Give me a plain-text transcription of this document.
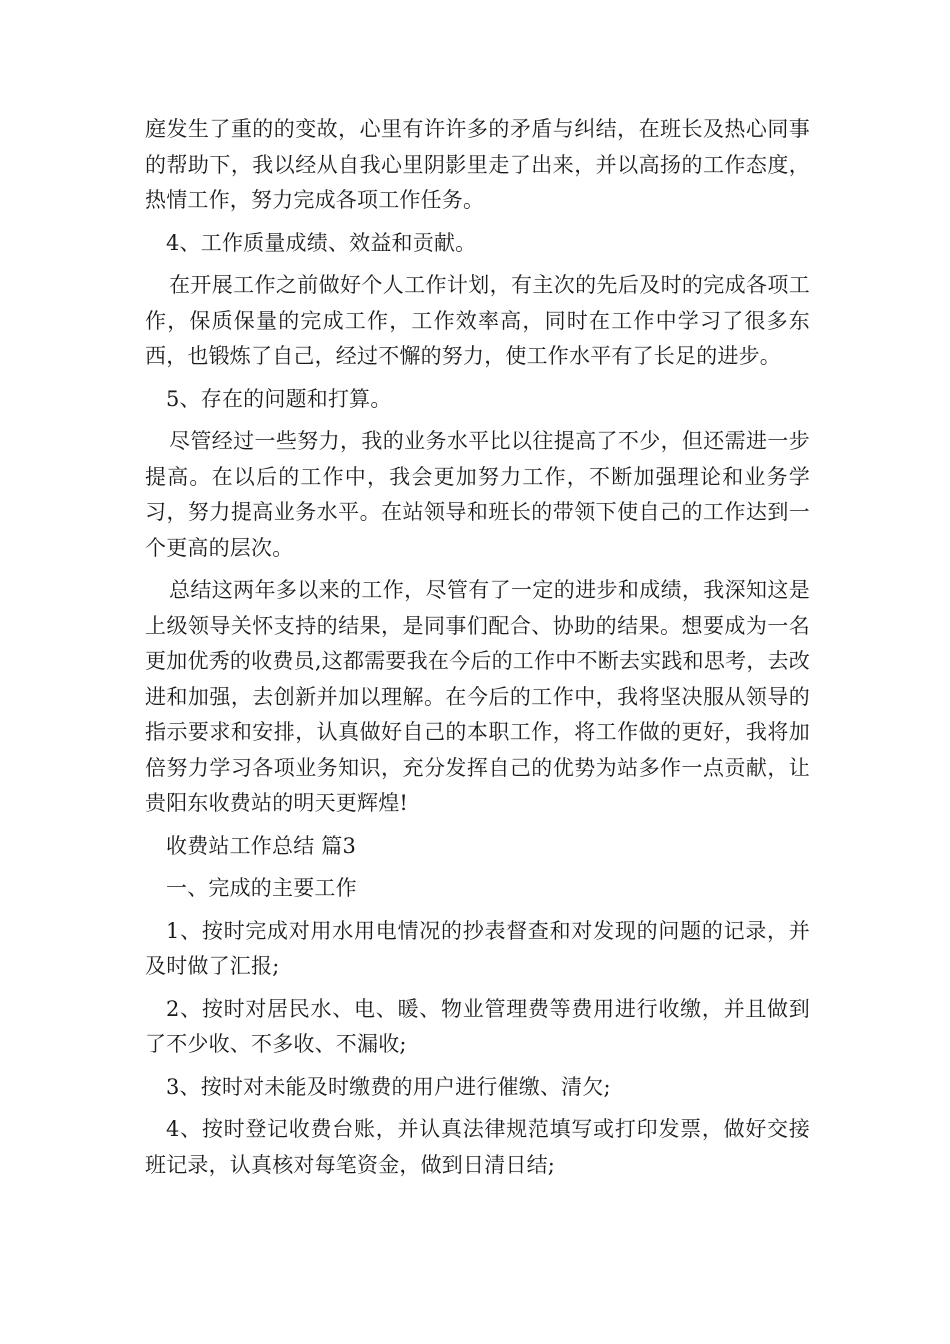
庭发生了重的的变故，心里有许许多的矛盾与纠结，在班长及热心同事的帮助下，我以经从自我心里阴影里走了出来，并以高扬的工作态度，热情工作，努力完成各项工作任务。

4、工作质量成绩、效益和贡献。

在开展工作之前做好个人工作计划，有主次的先后及时的完成各项工作，保质保量的完成工作，工作效率高，同时在工作中学习了很多东西，也锻炼了自己，经过不懈的努力，使工作水平有了长足的进步。

5、存在的问题和打算。

尽管经过一些努力，我的业务水平比以往提高了不少，但还需进一步提高。在以后的工作中，我会更加努力工作，不断加强理论和业务学习，努力提高业务水平。在站领导和班长的带领下使自己的工作达到一个更高的层次。

总结这两年多以来的工作，尽管有了一定的进步和成绩，我深知这是上级领导关怀支持的结果，是同事们配合、协助的结果。想要成为一名更加优秀的收费员,这都需要我在今后的工作中不断去实践和思考，去改进和加强，去创新并加以理解。在今后的工作中，我将坚决服从领导的指示要求和安排，认真做好自己的本职工作，将工作做的更好，我将加倍努力学习各项业务知识，充分发挥自己的优势为站多作一点贡献，让贵阳东收费站的明天更辉煌!

收费站工作总结 篇3

一、完成的主要工作

1、按时完成对用水用电情况的抄表督查和对发现的问题的记录，并及时做了汇报;

2、按时对居民水、电、暖、物业管理费等费用进行收缴，并且做到了不少收、不多收、不漏收;

3、按时对未能及时缴费的用户进行催缴、清欠;

4、按时登记收费台账，并认真法律规范填写或打印发票，做好交接班记录，认真核对每笔资金，做到日清日结;
